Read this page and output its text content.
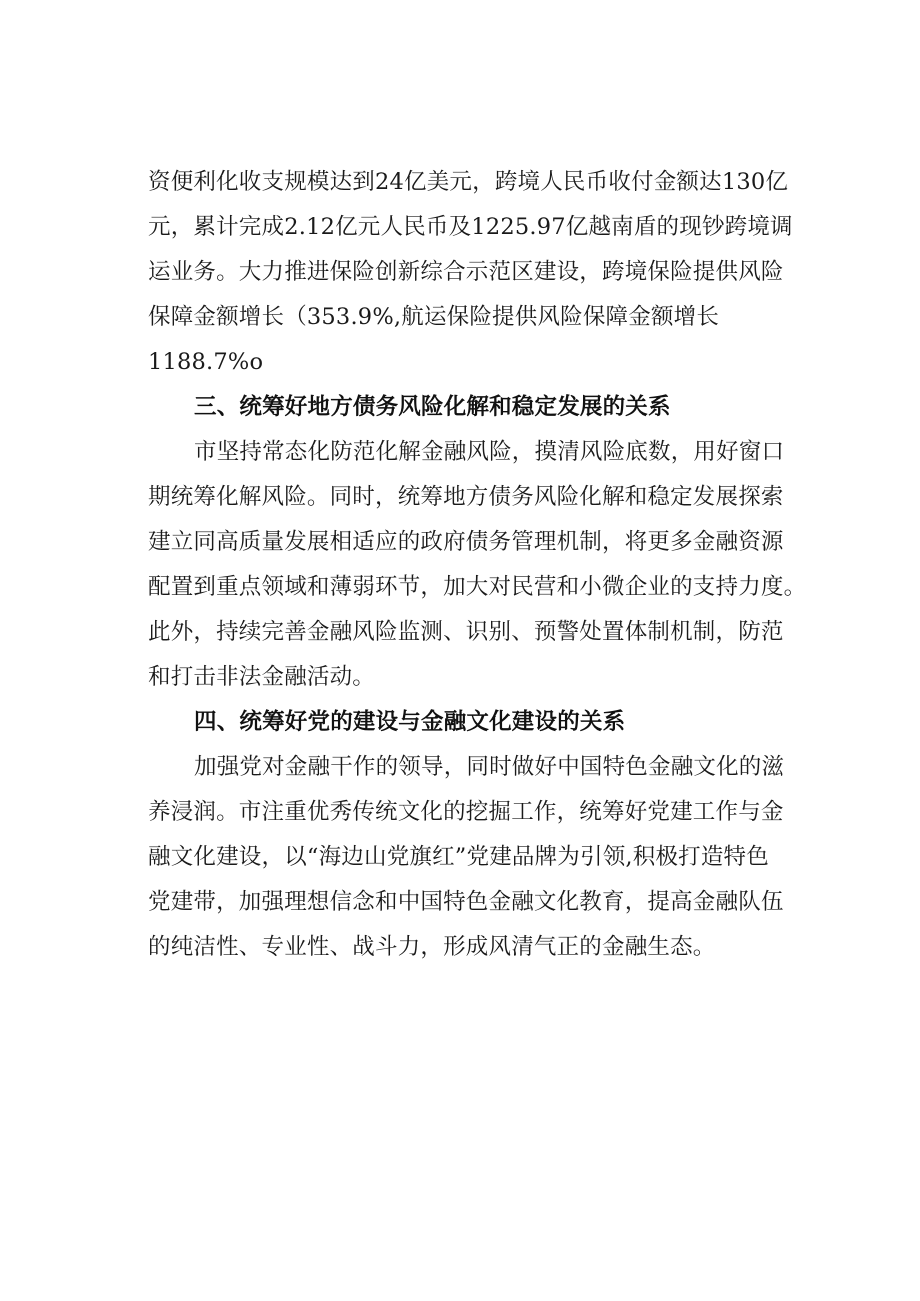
资便利化收支规模达到24亿美元，跨境人民币收付金额达130亿
元，累计完成2.12亿元人民币及1225.97亿越南盾的现钞跨境调
运业务。大力推进保险创新综合示范区建设，跨境保险提供风险
保障金额增长（353.9%,航运保险提供风险保障金额增长
1188.7%o
三、统筹好地方债务风险化解和稳定发展的关系
市坚持常态化防范化解金融风险，摸清风险底数，用好窗口
期统筹化解风险。同时，统筹地方债务风险化解和稳定发展探索
建立同高质量发展相适应的政府债务管理机制，将更多金融资源
配置到重点领域和薄弱环节，加大对民营和小微企业的支持力度。
此外，持续完善金融风险监测、识别、预警处置体制机制，防范
和打击非法金融活动。
四、统筹好党的建设与金融文化建设的关系
加强党对金融干作的领导，同时做好中国特色金融文化的滋
养浸润。市注重优秀传统文化的挖掘工作，统筹好党建工作与金
融文化建设，以“海边山党旗红”党建品牌为引领,积极打造特色
党建带，加强理想信念和中国特色金融文化教育，提高金融队伍
的纯洁性、专业性、战斗力，形成风清气正的金融生态。
